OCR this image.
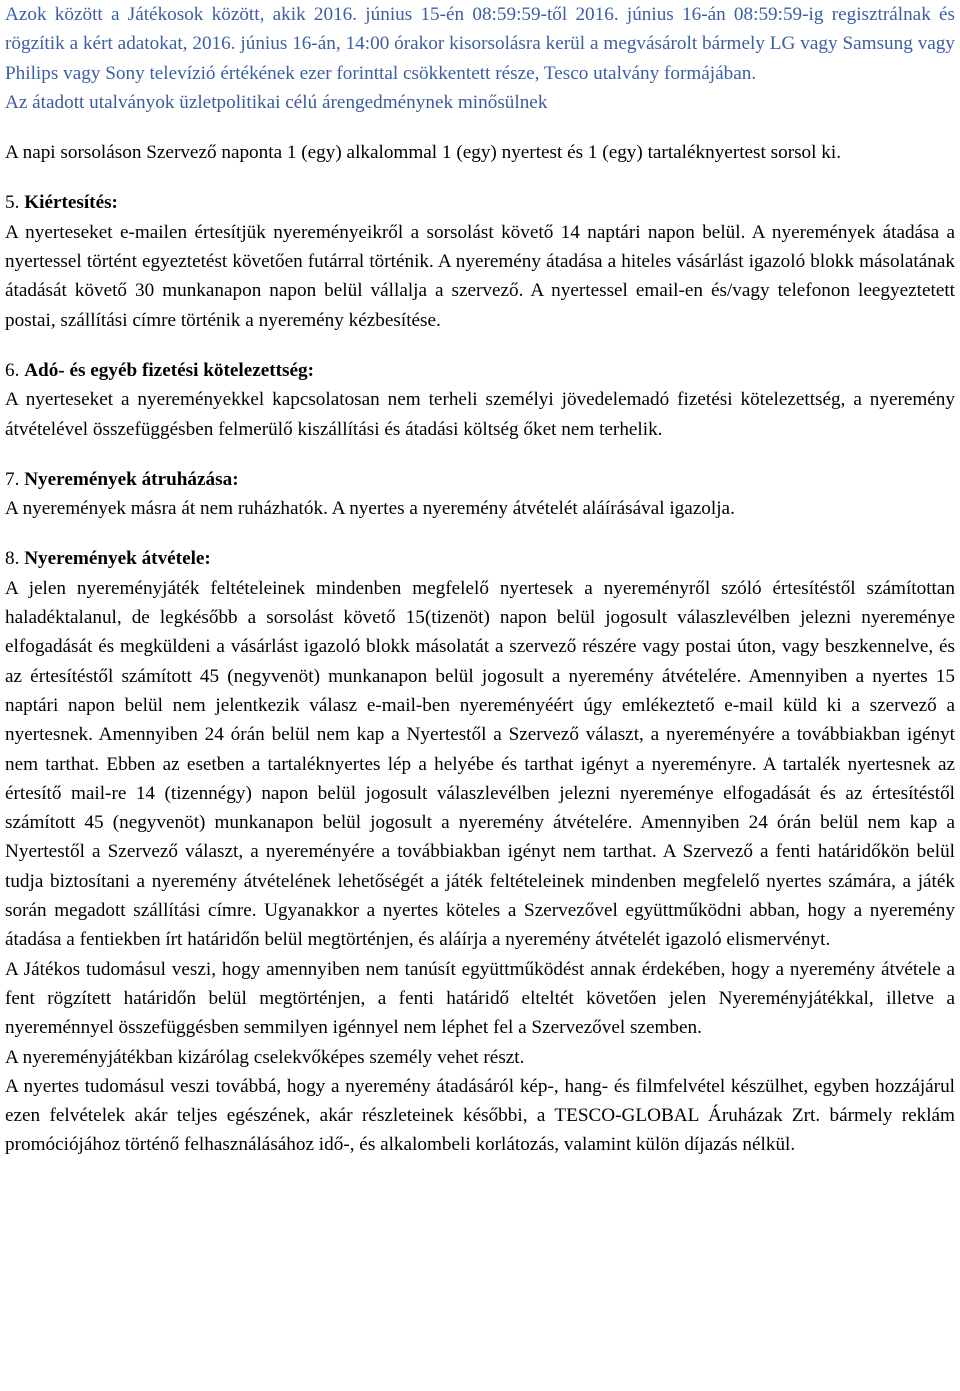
Azok között a Játékosok között, akik 2016. június 15-én 08:59:59-től 2016. június 16-án 08:59:59-ig regisztrálnak és rögzítik a kért adatokat, 2016. június 16-án, 14:00 órakor kisorsolásra kerül a megvásárolt bármely LG vagy Samsung vagy Philips vagy Sony televízió értékének ezer forinttal csökkentett része, Tesco utalvány formájában.

Az átadott utalványok üzletpolitikai célú árengedménynek minősülnek

A napi sorsoláson Szervező naponta 1 (egy) alkalommal 1 (egy) nyertest és 1 (egy) tartaléknyertest sorsol ki.

5. Kiértesítés:

A nyerteseket e-mailen értesítjük nyereményeikről a sorsolást követő 14 naptári napon belül. A nyeremények átadása a nyertessel történt egyeztetést követően futárral történik. A nyeremény átadása a hiteles vásárlást igazoló blokk másolatának átadását követő 30 munkanapon napon belül vállalja a szervező. A nyertessel email-en és/vagy telefonon leegyeztetett postai, szállítási címre történik a nyeremény kézbesítése.

6. Adó- és egyéb fizetési kötelezettség:

A nyerteseket a nyereményekkel kapcsolatosan nem terheli személyi jövedelemadó fizetési kötelezettség, a nyeremény átvételével összefüggésben felmerülő kiszállítási és átadási költség őket nem terhelik.

7. Nyeremények átruházása:

A nyeremények másra át nem ruházhatók. A nyertes a nyeremény átvételét aláírásával igazolja.

8. Nyeremények átvétele:

A jelen nyereményjáték feltételeinek mindenben megfelelő nyertesek a nyereményről szóló értesítéstől számítottan haladéktalanul, de legkésőbb a sorsolást követő 15(tizenöt) napon belül jogosult válaszlevélben jelezni nyereménye elfogadását és megküldeni a vásárlást igazoló blokk másolatát a szervező részére vagy postai úton, vagy beszkennelve, és az értesítéstől számított 45 (negyvenöt) munkanapon belül jogosult a nyeremény átvételére. Amennyiben a nyertes 15 naptári napon belül nem jelentkezik válasz e-mail-ben nyereményéért úgy emlékeztető e-mail küld ki a szervező a nyertesnek. Amennyiben 24 órán belül nem kap a Nyertestől a Szervező választ, a nyereményére a továbbiakban igényt nem tarthat. Ebben az esetben a tartaléknyertes lép a helyébe és tarthat igényt a nyereményre. A tartalék nyertesnek az értesítő mail-re 14 (tizennégy) napon belül jogosult válaszlevélben jelezni nyereménye elfogadását és az értesítéstől számított 45 (negyvenöt) munkanapon belül jogosult a nyeremény átvételére. Amennyiben 24 órán belül nem kap a Nyertestől a Szervező választ, a nyereményére a továbbiakban igényt nem tarthat. A Szervező a fenti határidőkön belül tudja biztosítani a nyeremény átvételének lehetőségét a játék feltételeinek mindenben megfelelő nyertes számára, a játék során megadott szállítási címre. Ugyanakkor a nyertes köteles a Szervezővel együttműködni abban, hogy a nyeremény átadása a fentiekben írt határidőn belül megtörténjen, és aláírja a nyeremény átvételét igazoló elismervényt.

A Játékos tudomásul veszi, hogy amennyiben nem tanúsít együttműködést annak érdekében, hogy a nyeremény átvétele a fent rögzített határidőn belül megtörténjen, a fenti határidő elteltét követően jelen Nyereményjátékkal, illetve a nyereménnyel összefüggésben semmilyen igénnyel nem léphet fel a Szervezővel szemben.

A nyereményjátékban kizárólag cselekvőképes személy vehet részt.

A nyertes tudomásul veszi továbbá, hogy a nyeremény átadásáról kép-, hang- és filmfelvétel készülhet, egyben hozzájárul ezen felvételek akár teljes egészének, akár részleteinek későbbi, a TESCO-GLOBAL Áruházak Zrt. bármely reklám promóciójához történő felhasználásához idő-, és alkalombeli korlátozás, valamint külön díjazás nélkül.
